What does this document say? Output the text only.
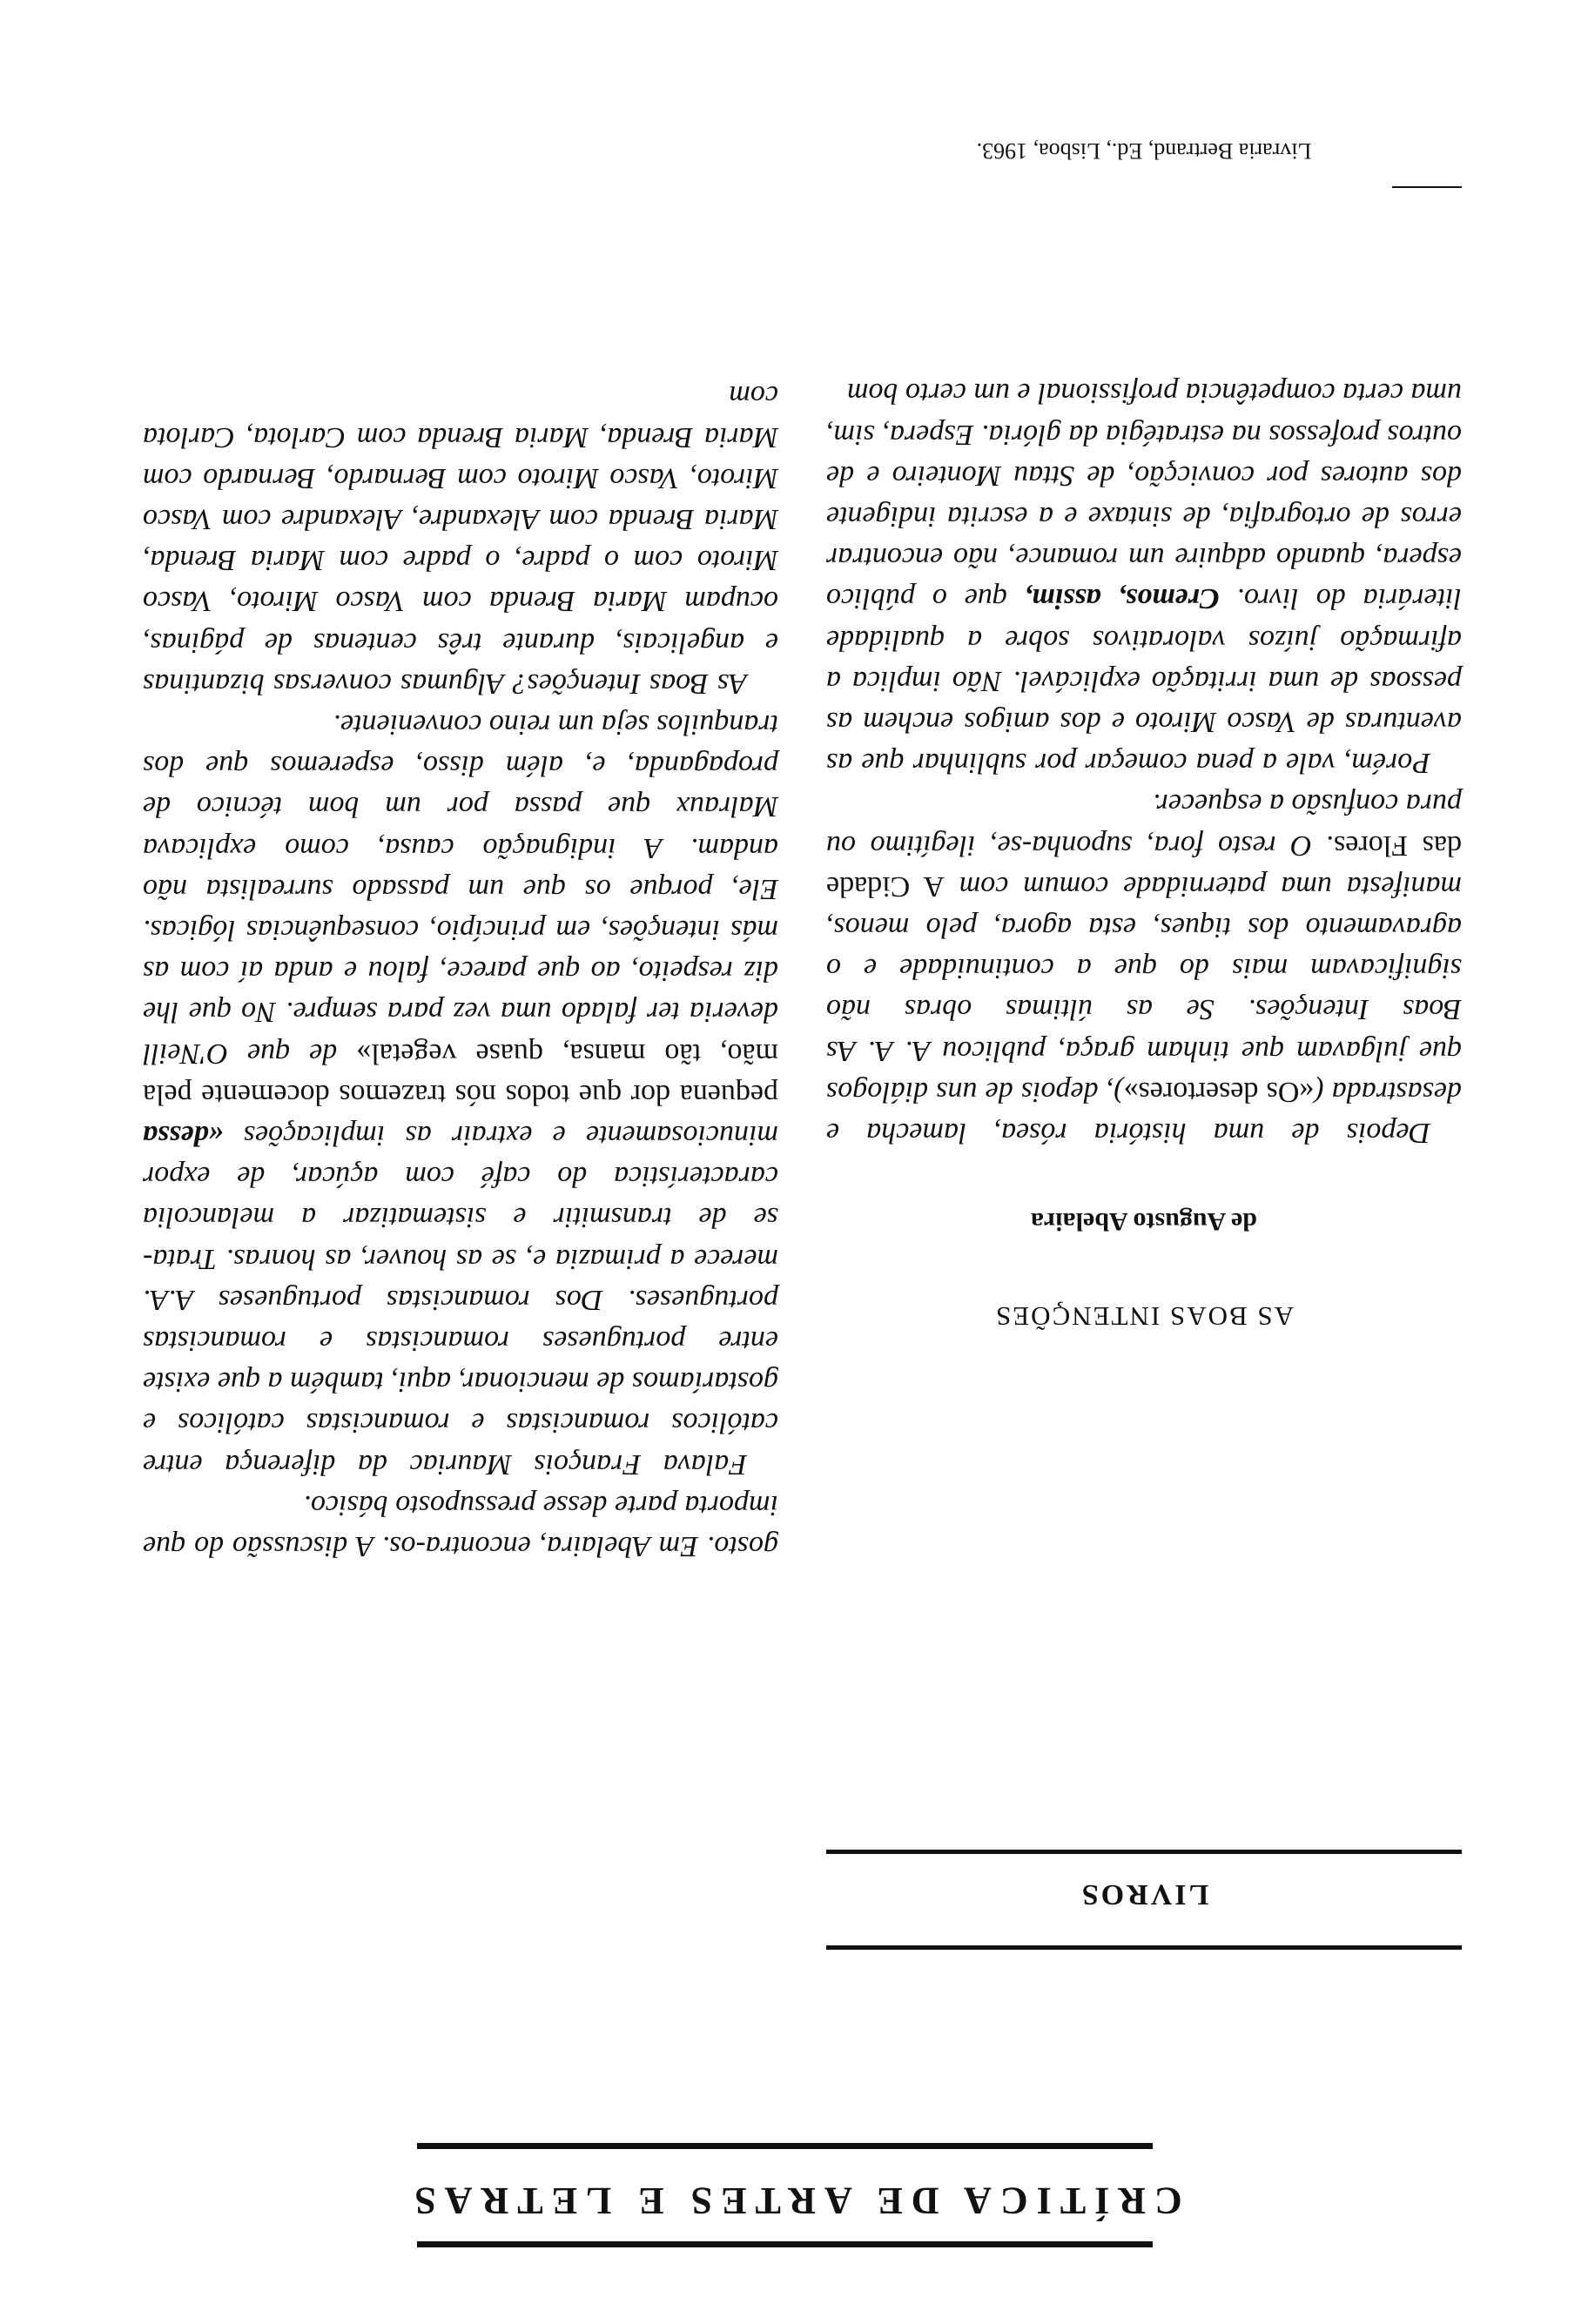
CRÍTICA DE ARTES E LETRAS
LIVROS
AS BOAS INTENÇÕES
de Augusto Abelaira

Depois de uma história rósea, lamecha e desastrada («Os desertores»), depois de uns diálogos que julgavam que tinham graça, publicou A. A. As Boas Intenções. Se as últimas obras não significavam mais do que a continuidade e o agravamento dos tiques, esta agora, pelo menos, manifesta uma paternidade comum com A Cidade das Flores. O resto fora, suponha-se, ilegítimo ou pura confusão a esquecer.

Porém, vale a pena começar por sublinhar que as aventuras de Vasco Miroto e dos amigos enchem as pessoas de uma irritação explicável. Não implica a afirmação juízos valorativos sobre a qualidade literária do livro. Cremos, assim, que o público espera, quando adquire um romance, não encontrar erros de ortografia, de sintaxe e a escrita indigente dos autores por convicção, de Sttau Monteiro e de outros professos na estratégia da glória. Espera, sim, uma certa competência profissional e um certo bom

Livraria Bertrand, Ed., Lisboa, 1963.

gosto. Em Abelaira, encontra-os. A discussão do que importa parte desse pressuposto básico.

Falava François Mauriac da diferença entre católicos romancistas e romancistas católicos e gostaríamos de mencionar, aqui, também a que existe entre portugueses romancistas e romancistas portugueses. Dos romancistas portugueses A.A. merece a primazia e, se as houver, as honras. Trata-se de transmitir e sistematizar a melancolia característica do café com açúcar, de expor minuciosamente e extrair as implicações «dessa pequena dor que todos nós trazemos docemente pela mão, tão mansa, quase vegetal» de que O'Neill deveria ter falado uma vez para sempre. No que lhe diz respeito, ao que parece, falou e anda aí com as más intenções, em princípio, consequências lógicas. Ele, porque os que um passado surrealista não andam. A indignação causa, como explicava Malraux que passa por um bom técnico de propaganda, e, além disso, esperemos que dos tranquilos seja um reino conveniente.

As Boas Intenções? Algumas conversas bizantinas e angelicais, durante três centenas de páginas, ocupam Maria Brenda com Vasco Miroto, Vasco Miroto com o padre, o padre com Maria Brenda, Maria Brenda com Alexandre, Alexandre com Vasco Miroto, Vasco Miroto com Bernardo, Bernardo com Maria Brenda, Maria Brenda com Carlota, Carlota com
